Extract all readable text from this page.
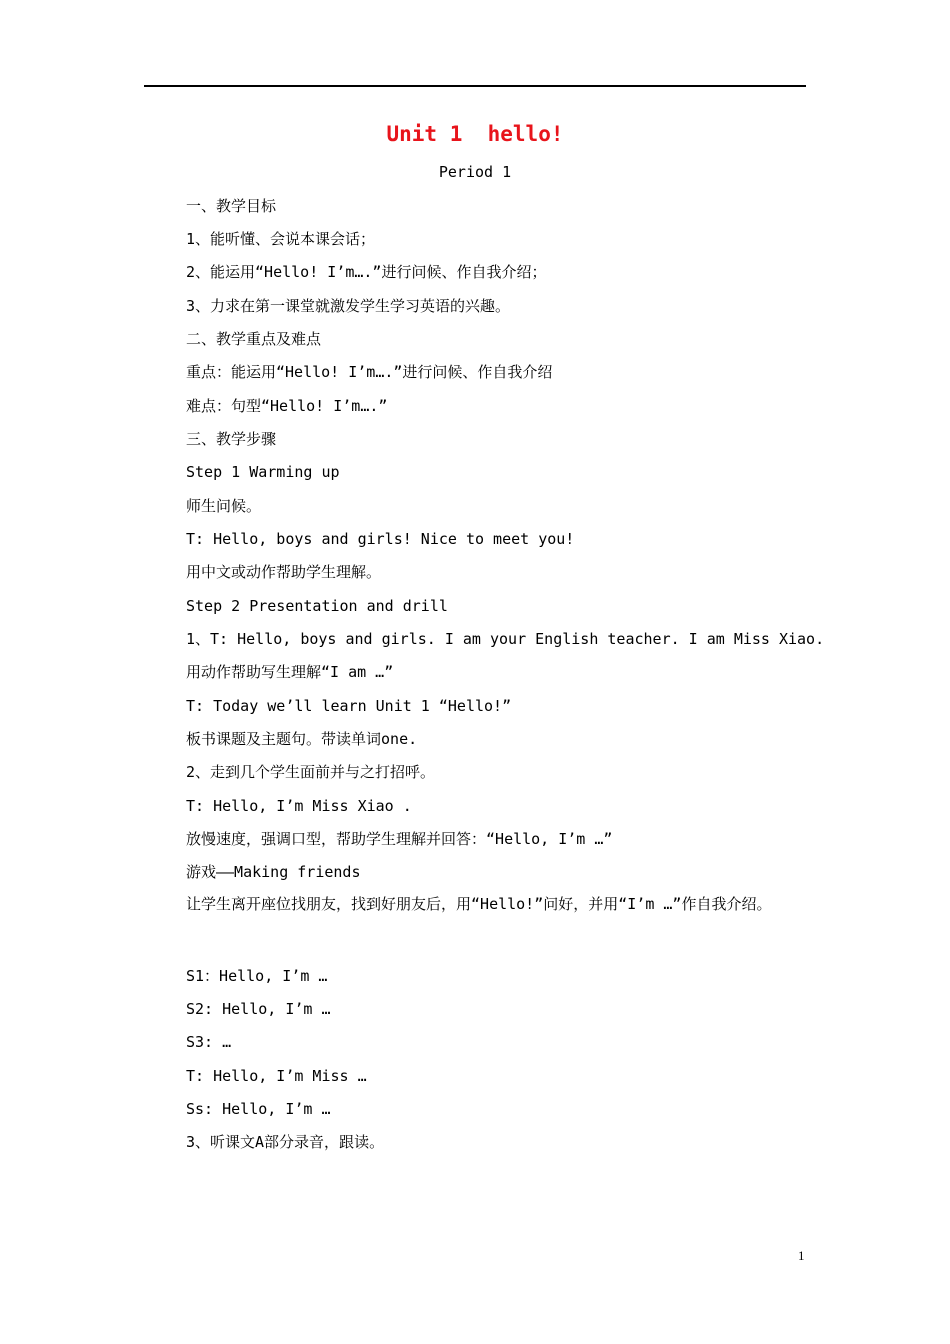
Unit 1  hello!
Period 1
一、教学目标
1、能听懂、会说本课会话；
2、能运用“Hello! I’m….”进行问候、作自我介绍；
3、力求在第一课堂就激发学生学习英语的兴趣。
二、教学重点及难点
重点：能运用“Hello! I’m….”进行问候、作自我介绍
难点：句型“Hello! I’m….”
三、教学步骤
Step 1 Warming up
师生问候。
T: Hello, boys and girls! Nice to meet you!
用中文或动作帮助学生理解。
Step 2 Presentation and drill
1、T: Hello, boys and girls. I am your English teacher. I am Miss Xiao.
用动作帮助写生理解“I am …”
T: Today we’ll learn Unit 1 “Hello!”
板书课题及主题句。带读单词one.
2、走到几个学生面前并与之打招呼。
T: Hello, I’m Miss Xiao .
放慢速度，强调口型，帮助学生理解并回答：“Hello, I’m …”
游戏——Making friends
让学生离开座位找朋友，找到好朋友后，用“Hello!”问好，并用“I’m …”作自我介绍。
S1：Hello, I’m …
S2: Hello, I’m …
S3: …
T: Hello, I’m Miss …
Ss: Hello, I’m …
3、听课文A部分录音，跟读。
1
